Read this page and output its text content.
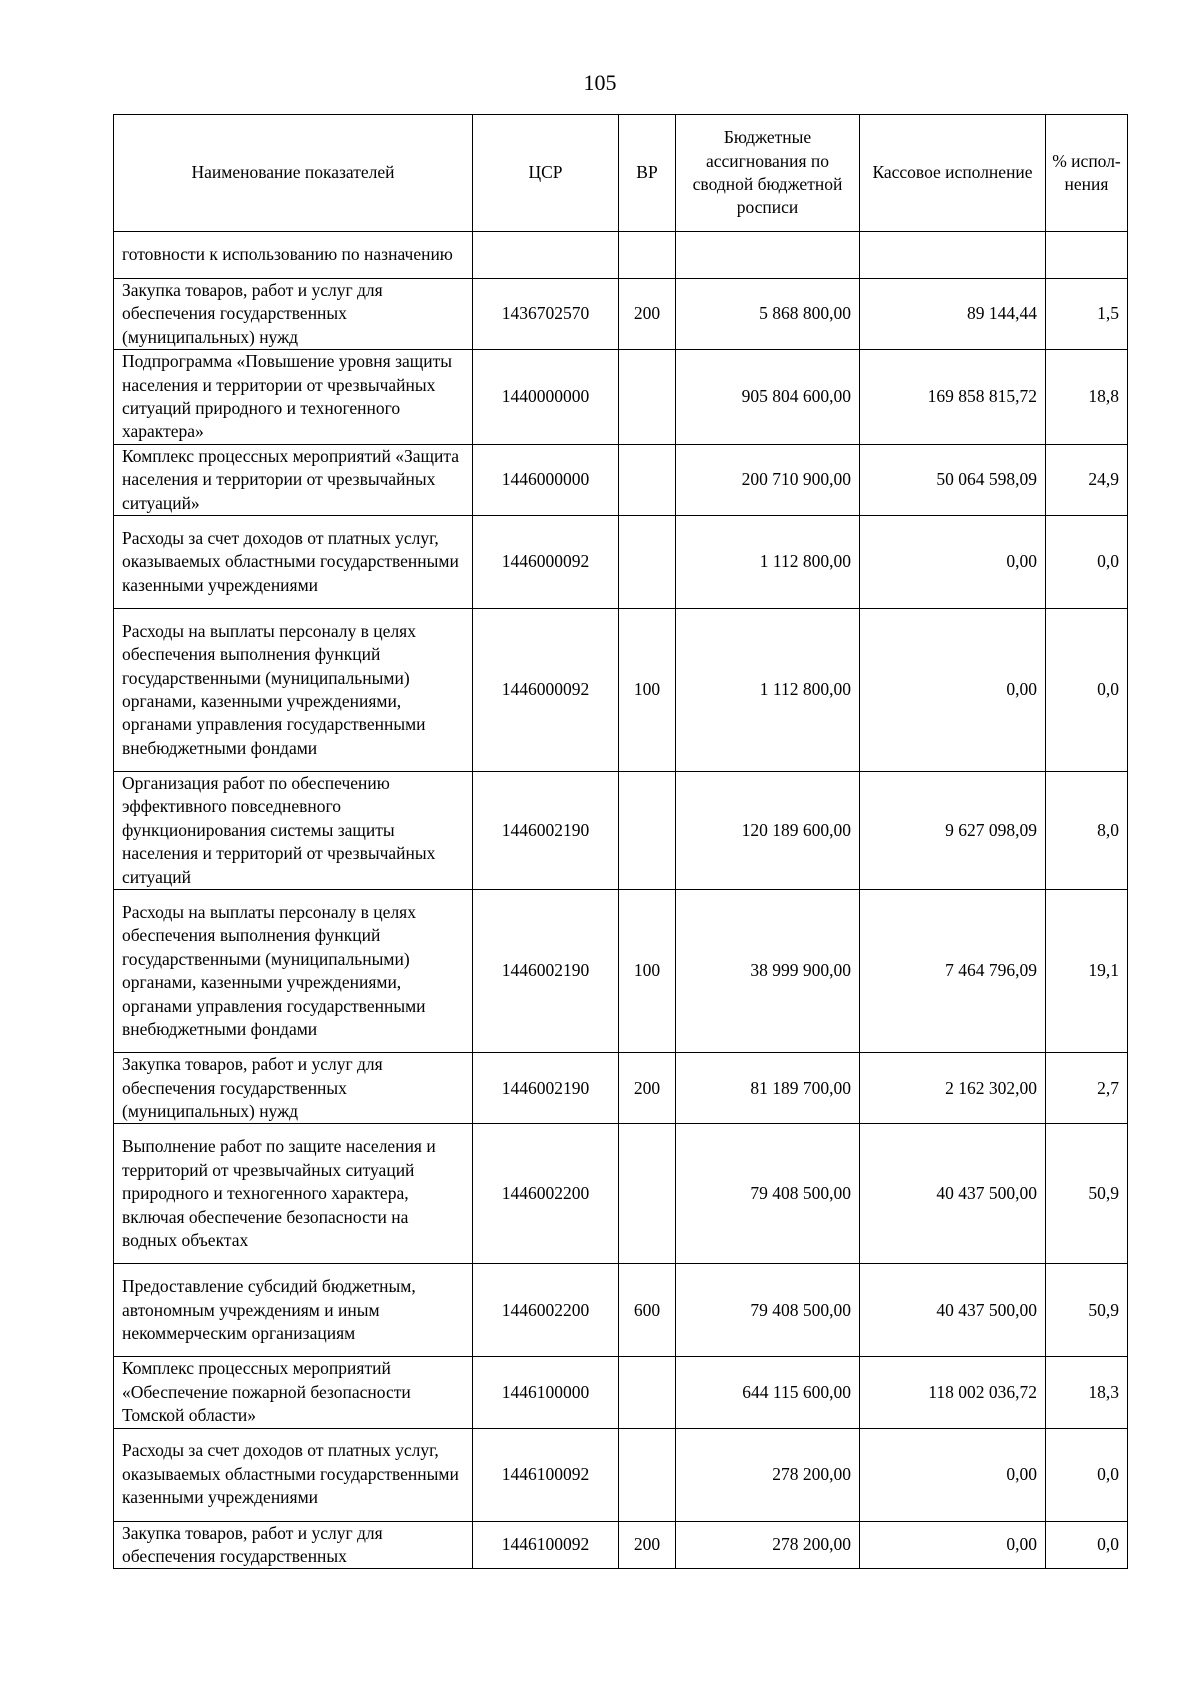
105
Наименование показателей	ЦСР	ВР	Бюджетные ассигнования по сводной бюджетной росписи	Кассовое исполнение	% испол-нения
готовности к использованию по назначению					
Закупка товаров, работ и услуг для обеспечения государственных (муниципальных) нужд	1436702570	200	5 868 800,00	89 144,44	1,5
Подпрограмма «Повышение уровня защиты населения и территории от чрезвычайных ситуаций природного и техногенного характера»	1440000000		905 804 600,00	169 858 815,72	18,8
Комплекс процессных мероприятий «Защита населения и территории от чрезвычайных ситуаций»	1446000000		200 710 900,00	50 064 598,09	24,9
Расходы за счет доходов от платных услуг, оказываемых областными государственными казенными учреждениями	1446000092		1 112 800,00	0,00	0,0
Расходы на выплаты персоналу в целях обеспечения выполнения функций государственными (муниципальными) органами, казенными учреждениями, органами управления государственными внебюджетными фондами	1446000092	100	1 112 800,00	0,00	0,0
Организация работ по обеспечению эффективного повседневного функционирования системы защиты населения и территорий от чрезвычайных ситуаций	1446002190		120 189 600,00	9 627 098,09	8,0
Расходы на выплаты персоналу в целях обеспечения выполнения функций государственными (муниципальными) органами, казенными учреждениями, органами управления государственными внебюджетными фондами	1446002190	100	38 999 900,00	7 464 796,09	19,1
Закупка товаров, работ и услуг для обеспечения государственных (муниципальных) нужд	1446002190	200	81 189 700,00	2 162 302,00	2,7
Выполнение работ по защите населения и территорий от чрезвычайных ситуаций природного и техногенного характера, включая обеспечение безопасности на водных объектах	1446002200		79 408 500,00	40 437 500,00	50,9
Предоставление субсидий бюджетным, автономным учреждениям и иным некоммерческим организациям	1446002200	600	79 408 500,00	40 437 500,00	50,9
Комплекс процессных мероприятий «Обеспечение пожарной безопасности Томской области»	1446100000		644 115 600,00	118 002 036,72	18,3
Расходы за счет доходов от платных услуг, оказываемых областными государственными казенными учреждениями	1446100092		278 200,00	0,00	0,0
Закупка товаров, работ и услуг для обеспечения государственных	1446100092	200	278 200,00	0,00	0,0
